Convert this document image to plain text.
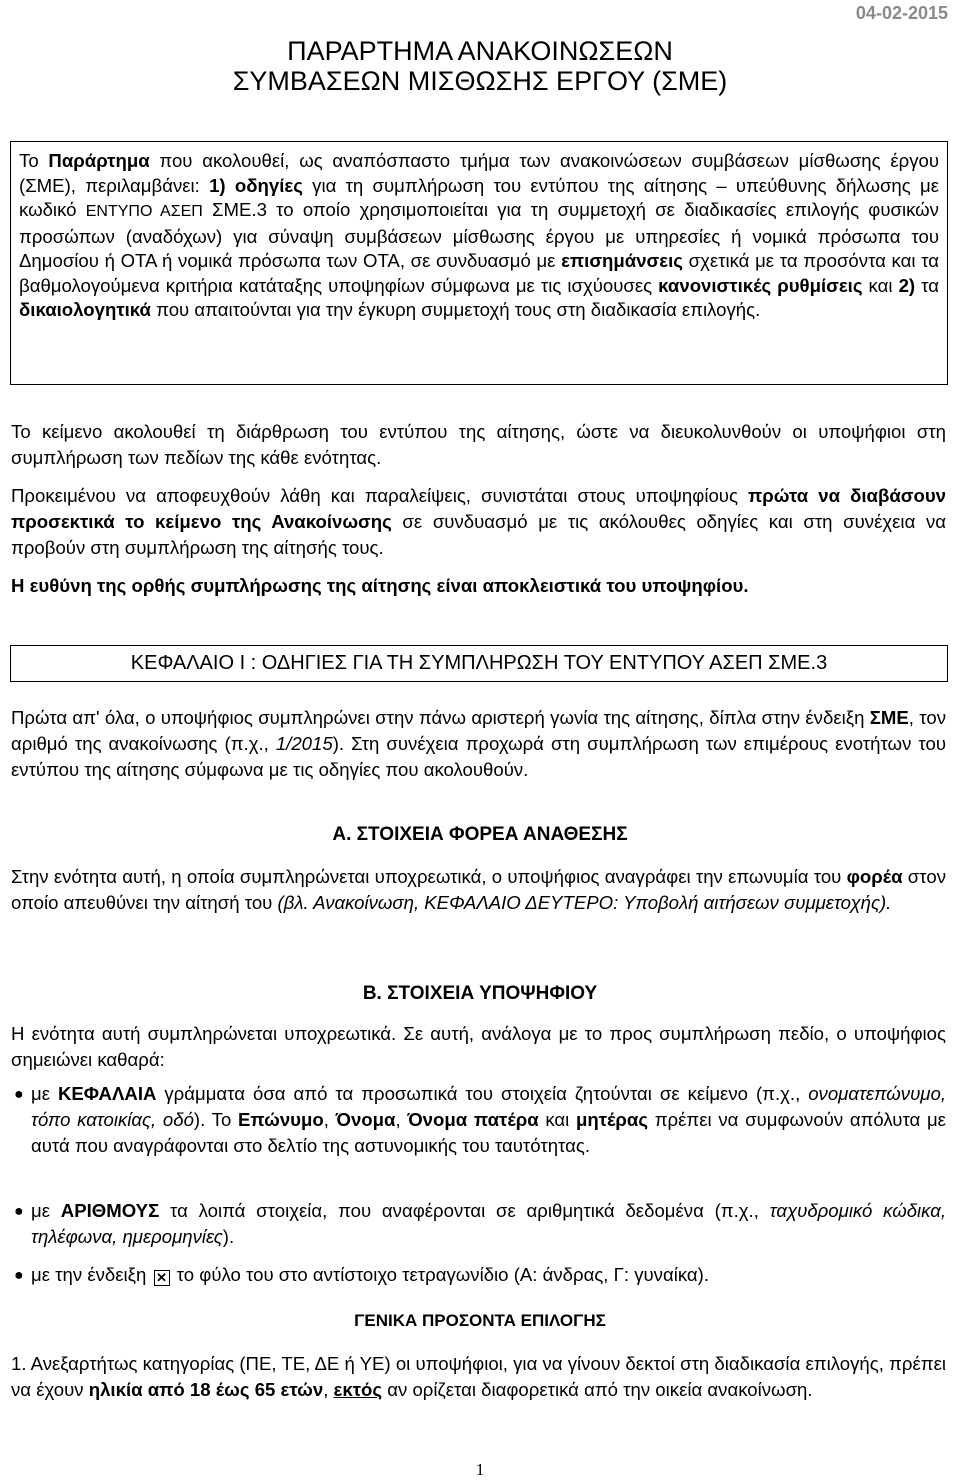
04-02-2015
ΠΑΡΑΡΤΗΜΑ ΑΝΑΚΟΙΝΩΣΕΩΝ
ΣΥΜΒΑΣΕΩΝ ΜΙΣΘΩΣΗΣ ΕΡΓΟΥ (ΣΜΕ)
Το Παράρτημα που ακολουθεί, ως αναπόσπαστο τμήμα των ανακοινώσεων συμβάσεων μίσθωσης έργου (ΣΜΕ), περιλαμβάνει: 1) οδηγίες για τη συμπλήρωση του εντύπου της αίτησης – υπεύθυνης δήλωσης με κωδικό ΕΝΤΥΠΟ ΑΣΕΠ ΣΜΕ.3 το οποίο χρησιμοποιείται για τη συμμετοχή σε διαδικασίες επιλογής φυσικών προσώπων (αναδόχων) για σύναψη συμβάσεων μίσθωσης έργου με υπηρεσίες ή νομικά πρόσωπα του Δημοσίου ή ΟΤΑ ή νομικά πρόσωπα των ΟΤΑ, σε συνδυασμό με επισημάνσεις σχετικά με τα προσόντα και τα βαθμολογούμενα κριτήρια κατάταξης υποψηφίων σύμφωνα με τις ισχύουσες κανονιστικές ρυθμίσεις και 2) τα δικαιολογητικά που απαιτούνται για την έγκυρη συμμετοχή τους στη διαδικασία επιλογής.

Το κείμενο ακολουθεί τη διάρθρωση του εντύπου της αίτησης, ώστε να διευκολυνθούν οι υποψήφιοι στη συμπλήρωση των πεδίων της κάθε ενότητας.

Προκειμένου να αποφευχθούν λάθη και παραλείψεις, συνιστάται στους υποψηφίους πρώτα να διαβάσουν προσεκτικά το κείμενο της Ανακοίνωσης σε συνδυασμό με τις ακόλουθες οδηγίες και στη συνέχεια να προβούν στη συμπλήρωση της αίτησής τους.

Η ευθύνη της ορθής συμπλήρωσης της αίτησης είναι αποκλειστικά του υποψηφίου.

ΚΕΦΑΛΑΙΟ Ι : ΟΔΗΓΙΕΣ ΓΙΑ ΤΗ ΣΥΜΠΛΗΡΩΣΗ ΤΟΥ ΕΝΤΥΠΟΥ ΑΣΕΠ ΣΜΕ.3

Πρώτα απ' όλα, ο υποψήφιος συμπληρώνει στην πάνω αριστερή γωνία της αίτησης, δίπλα στην ένδειξη ΣΜΕ, τον αριθμό της ανακοίνωσης (π.χ., 1/2015). Στη συνέχεια προχωρά στη συμπλήρωση των επιμέρους ενοτήτων του εντύπου της αίτησης σύμφωνα με τις οδηγίες που ακολουθούν.

Α. ΣΤΟΙΧΕΙΑ ΦΟΡΕΑ ΑΝΑΘΕΣΗΣ

Στην ενότητα αυτή, η οποία συμπληρώνεται υποχρεωτικά, ο υποψήφιος αναγράφει την επωνυμία του φορέα στον οποίο απευθύνει την αίτησή του (βλ. Ανακοίνωση, ΚΕΦΑΛΑΙΟ ΔΕΥΤΕΡΟ: Υποβολή αιτήσεων συμμετοχής).

Β. ΣΤΟΙΧΕΙΑ ΥΠΟΨΗΦΙΟΥ

Η ενότητα αυτή συμπληρώνεται υποχρεωτικά. Σε αυτή, ανάλογα με το προς συμπλήρωση πεδίο, ο υποψήφιος σημειώνει καθαρά:

● με ΚΕΦΑΛΑΙΑ γράμματα όσα από τα προσωπικά του στοιχεία ζητούνται σε κείμενο (π.χ., ονοματεπώνυμο, τόπο κατοικίας, οδό). Το Επώνυμο, Όνομα, Όνομα πατέρα και μητέρας πρέπει να συμφωνούν απόλυτα με αυτά που αναγράφονται στο δελτίο της αστυνομικής του ταυτότητας.

● με ΑΡΙΘΜΟΥΣ τα λοιπά στοιχεία, που αναφέρονται σε αριθμητικά δεδομένα (π.χ., ταχυδρομικό κώδικα, τηλέφωνα, ημερομηνίες).

● με την ένδειξη ✕ το φύλο του στο αντίστοιχο τετραγωνίδιο (Α: άνδρας, Γ: γυναίκα).

ΓΕΝΙΚΑ ΠΡΟΣΟΝΤΑ ΕΠΙΛΟΓΗΣ

1. Ανεξαρτήτως κατηγορίας (ΠΕ, ΤΕ, ΔΕ ή ΥΕ) οι υποψήφιοι, για να γίνουν δεκτοί στη διαδικασία επιλογής, πρέπει να έχουν ηλικία από 18 έως 65 ετών, εκτός αν ορίζεται διαφορετικά από την οικεία ανακοίνωση.

1
